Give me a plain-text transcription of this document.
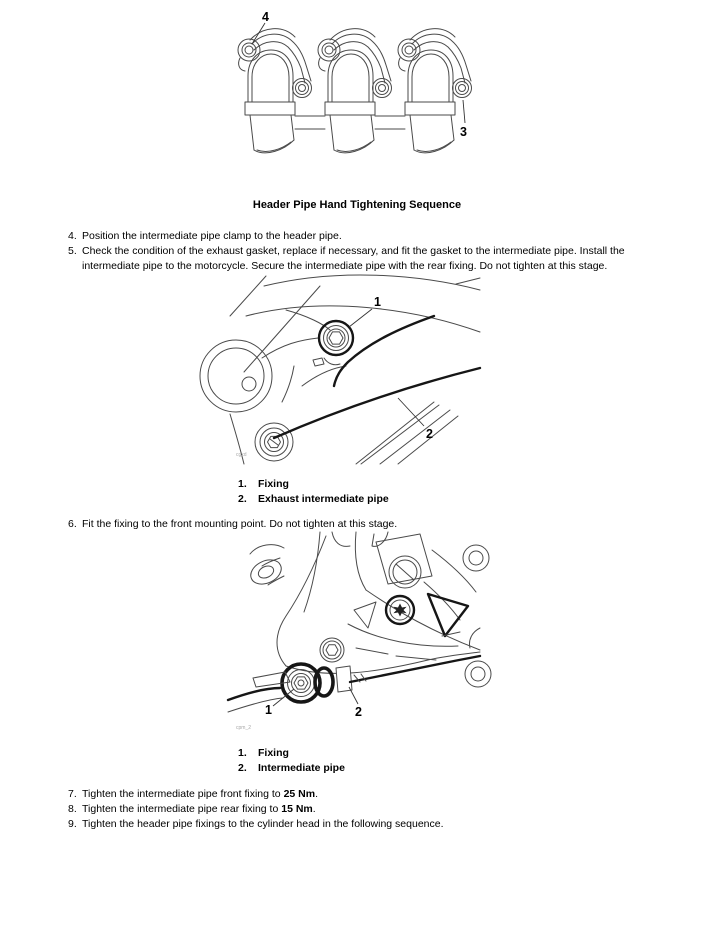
4
3
Header Pipe Hand Tightening Sequence
4. Position the intermediate pipe clamp to the header pipe.
5. Check the condition of the exhaust gasket, replace if necessary, and fit the gasket to the intermediate pipe. Install the intermediate pipe to the motorcycle. Secure the intermediate pipe with the rear fixing. Do not tighten at this stage.
1
2
cgxd
1. Fixing
2. Exhaust intermediate pipe
6. Fit the fixing to the front mounting point. Do not tighten at this stage.
1	2
cpm_2
1. Fixing
2. Intermediate pipe
7. Tighten the intermediate pipe front fixing to 25 Nm.
8. Tighten the intermediate pipe rear fixing to 15 Nm.
9. Tighten the header pipe fixings to the cylinder head in the following sequence.
